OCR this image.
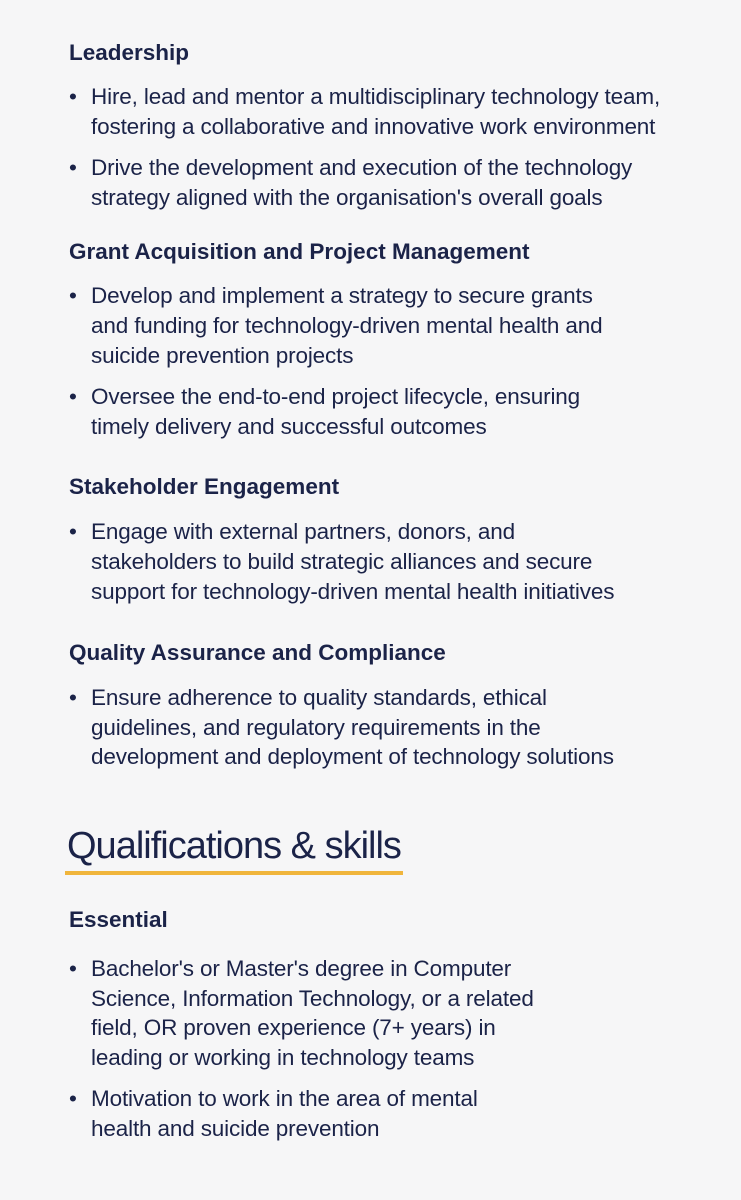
Leadership
• Hire, lead and mentor a multidisciplinary technology team,
fostering a collaborative and innovative work environment
• Drive the development and execution of the technology
strategy aligned with the organisation's overall goals
Grant Acquisition and Project Management
• Develop and implement a strategy to secure grants
and funding for technology-driven mental health and
suicide prevention projects
• Oversee the end-to-end project lifecycle, ensuring
timely delivery and successful outcomes
Stakeholder Engagement
• Engage with external partners, donors, and
stakeholders to build strategic alliances and secure
support for technology-driven mental health initiatives
Quality Assurance and Compliance
• Ensure adherence to quality standards, ethical
guidelines, and regulatory requirements in the
development and deployment of technology solutions
Qualifications & skills
Essential
• Bachelor's or Master's degree in Computer
Science, Information Technology, or a related
field, OR proven experience (7+ years) in
leading or working in technology teams
• Motivation to work in the area of mental
health and suicide prevention
